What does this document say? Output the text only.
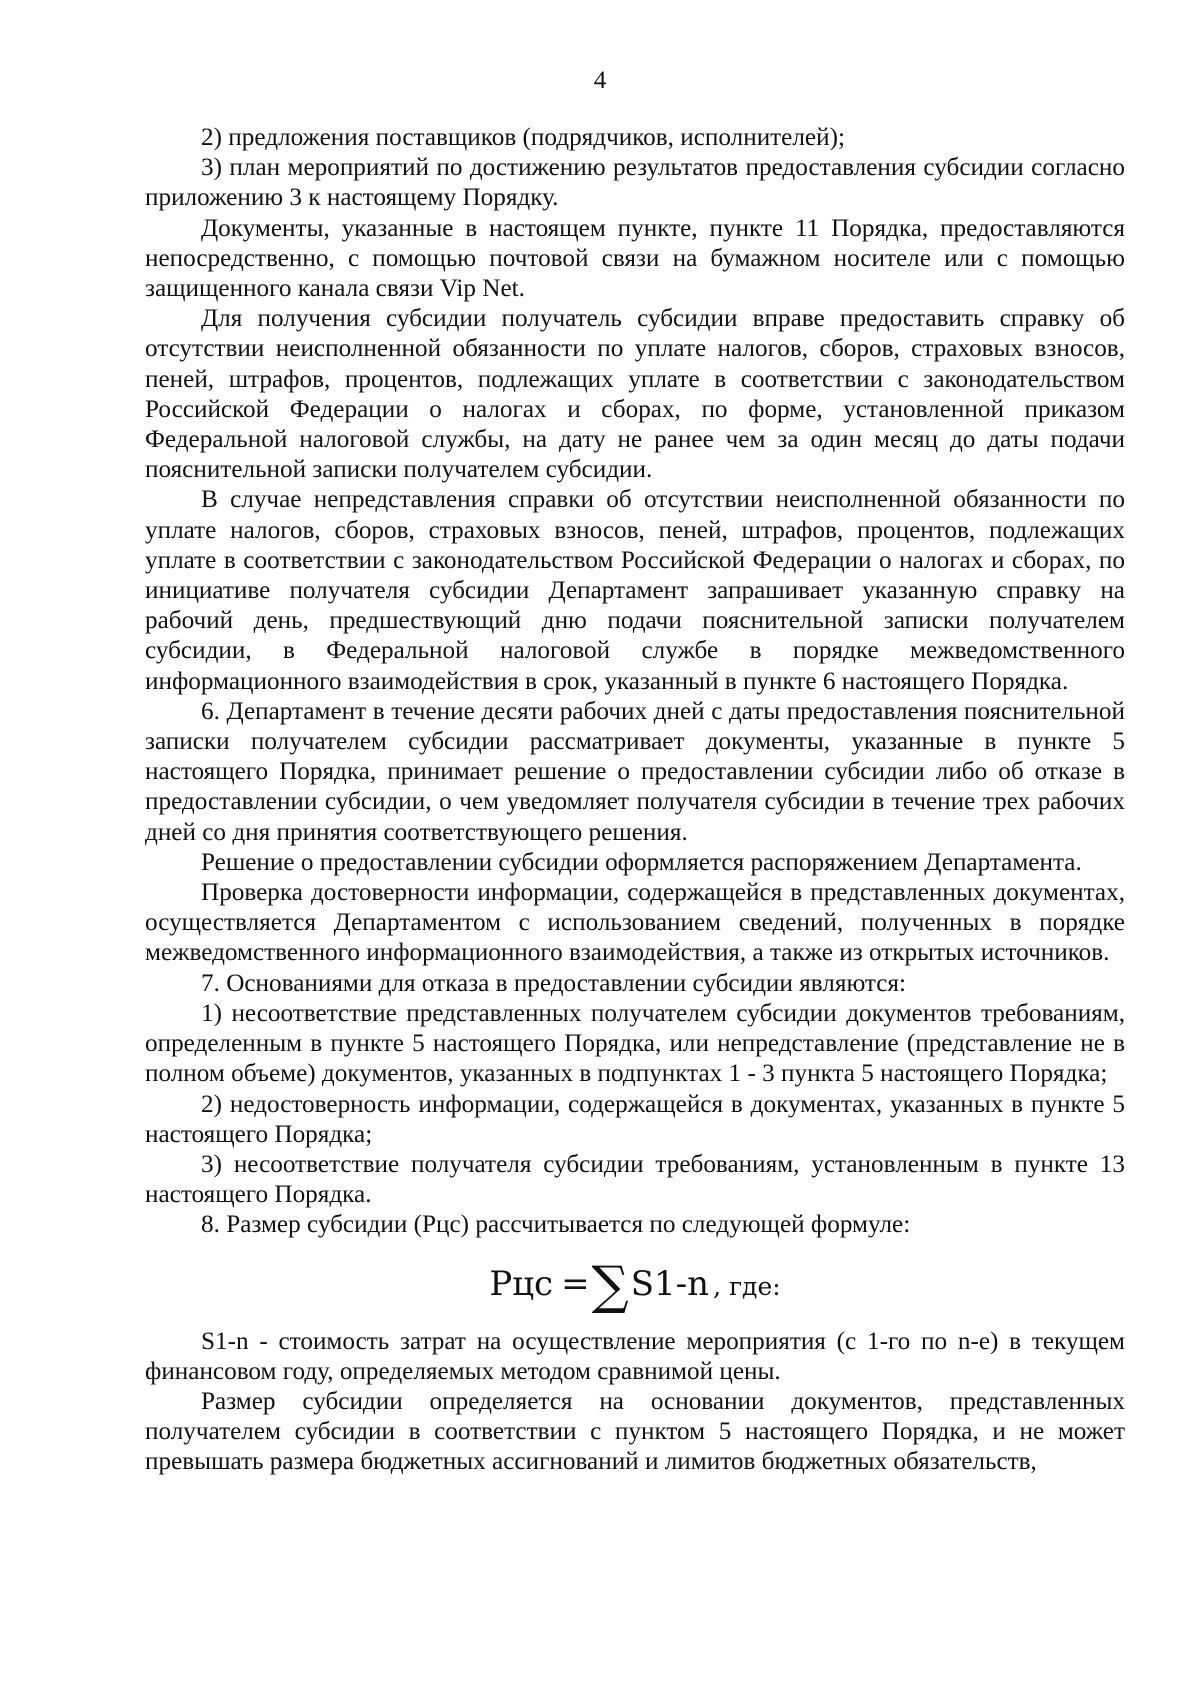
4

2) предложения поставщиков (подрядчиков, исполнителей);

3) план мероприятий по достижению результатов предоставления субсидии согласно приложению 3 к настоящему Порядку.

Документы, указанные в настоящем пункте, пункте 11 Порядка, предоставляются непосредственно, с помощью почтовой связи на бумажном носителе или с помощью защищенного канала связи Vip Net.

Для получения субсидии получатель субсидии вправе предоставить справку об отсутствии неисполненной обязанности по уплате налогов, сборов, страховых взносов, пеней, штрафов, процентов, подлежащих уплате в соответствии с законодательством Российской Федерации о налогах и сборах, по форме, установленной приказом Федеральной налоговой службы, на дату не ранее чем за один месяц до даты подачи пояснительной записки получателем субсидии.

В случае непредставления справки об отсутствии неисполненной обязанности по уплате налогов, сборов, страховых взносов, пеней, штрафов, процентов, подлежащих уплате в соответствии с законодательством Российской Федерации о налогах и сборах, по инициативе получателя субсидии Департамент запрашивает указанную справку на рабочий день, предшествующий дню подачи пояснительной записки получателем субсидии, в Федеральной налоговой службе в порядке межведомственного информационного взаимодействия в срок, указанный в пункте 6 настоящего Порядка.

6. Департамент в течение десяти рабочих дней с даты предоставления пояснительной записки получателем субсидии рассматривает документы, указанные в пункте 5 настоящего Порядка, принимает решение о предоставлении субсидии либо об отказе в предоставлении субсидии, о чем уведомляет получателя субсидии в течение трех рабочих дней со дня принятия соответствующего решения.

Решение о предоставлении субсидии оформляется распоряжением Департамента.

Проверка достоверности информации, содержащейся в представленных документах, осуществляется Департаментом с использованием сведений, полученных в порядке межведомственного информационного взаимодействия, а также из открытых источников.

7. Основаниями для отказа в предоставлении субсидии являются:

1) несоответствие представленных получателем субсидии документов требованиям, определенным в пункте 5 настоящего Порядка, или непредставление (представление не в полном объеме) документов, указанных в подпунктах 1 - 3 пункта 5 настоящего Порядка;

2) недостоверность информации, содержащейся в документах, указанных в пункте 5 настоящего Порядка;

3) несоответствие получателя субсидии требованиям, установленным в пункте 13 настоящего Порядка.

8. Размер субсидии (Рцс) рассчитывается по следующей формуле:

Рцс =∑S1-n , где:

S1-n - стоимость затрат на осуществление мероприятия (с 1-го по n-е) в текущем финансовом году, определяемых методом сравнимой цены.

Размер субсидии определяется на основании документов, представленных получателем субсидии в соответствии с пунктом 5 настоящего Порядка, и не может превышать размера бюджетных ассигнований и лимитов бюджетных обязательств,
